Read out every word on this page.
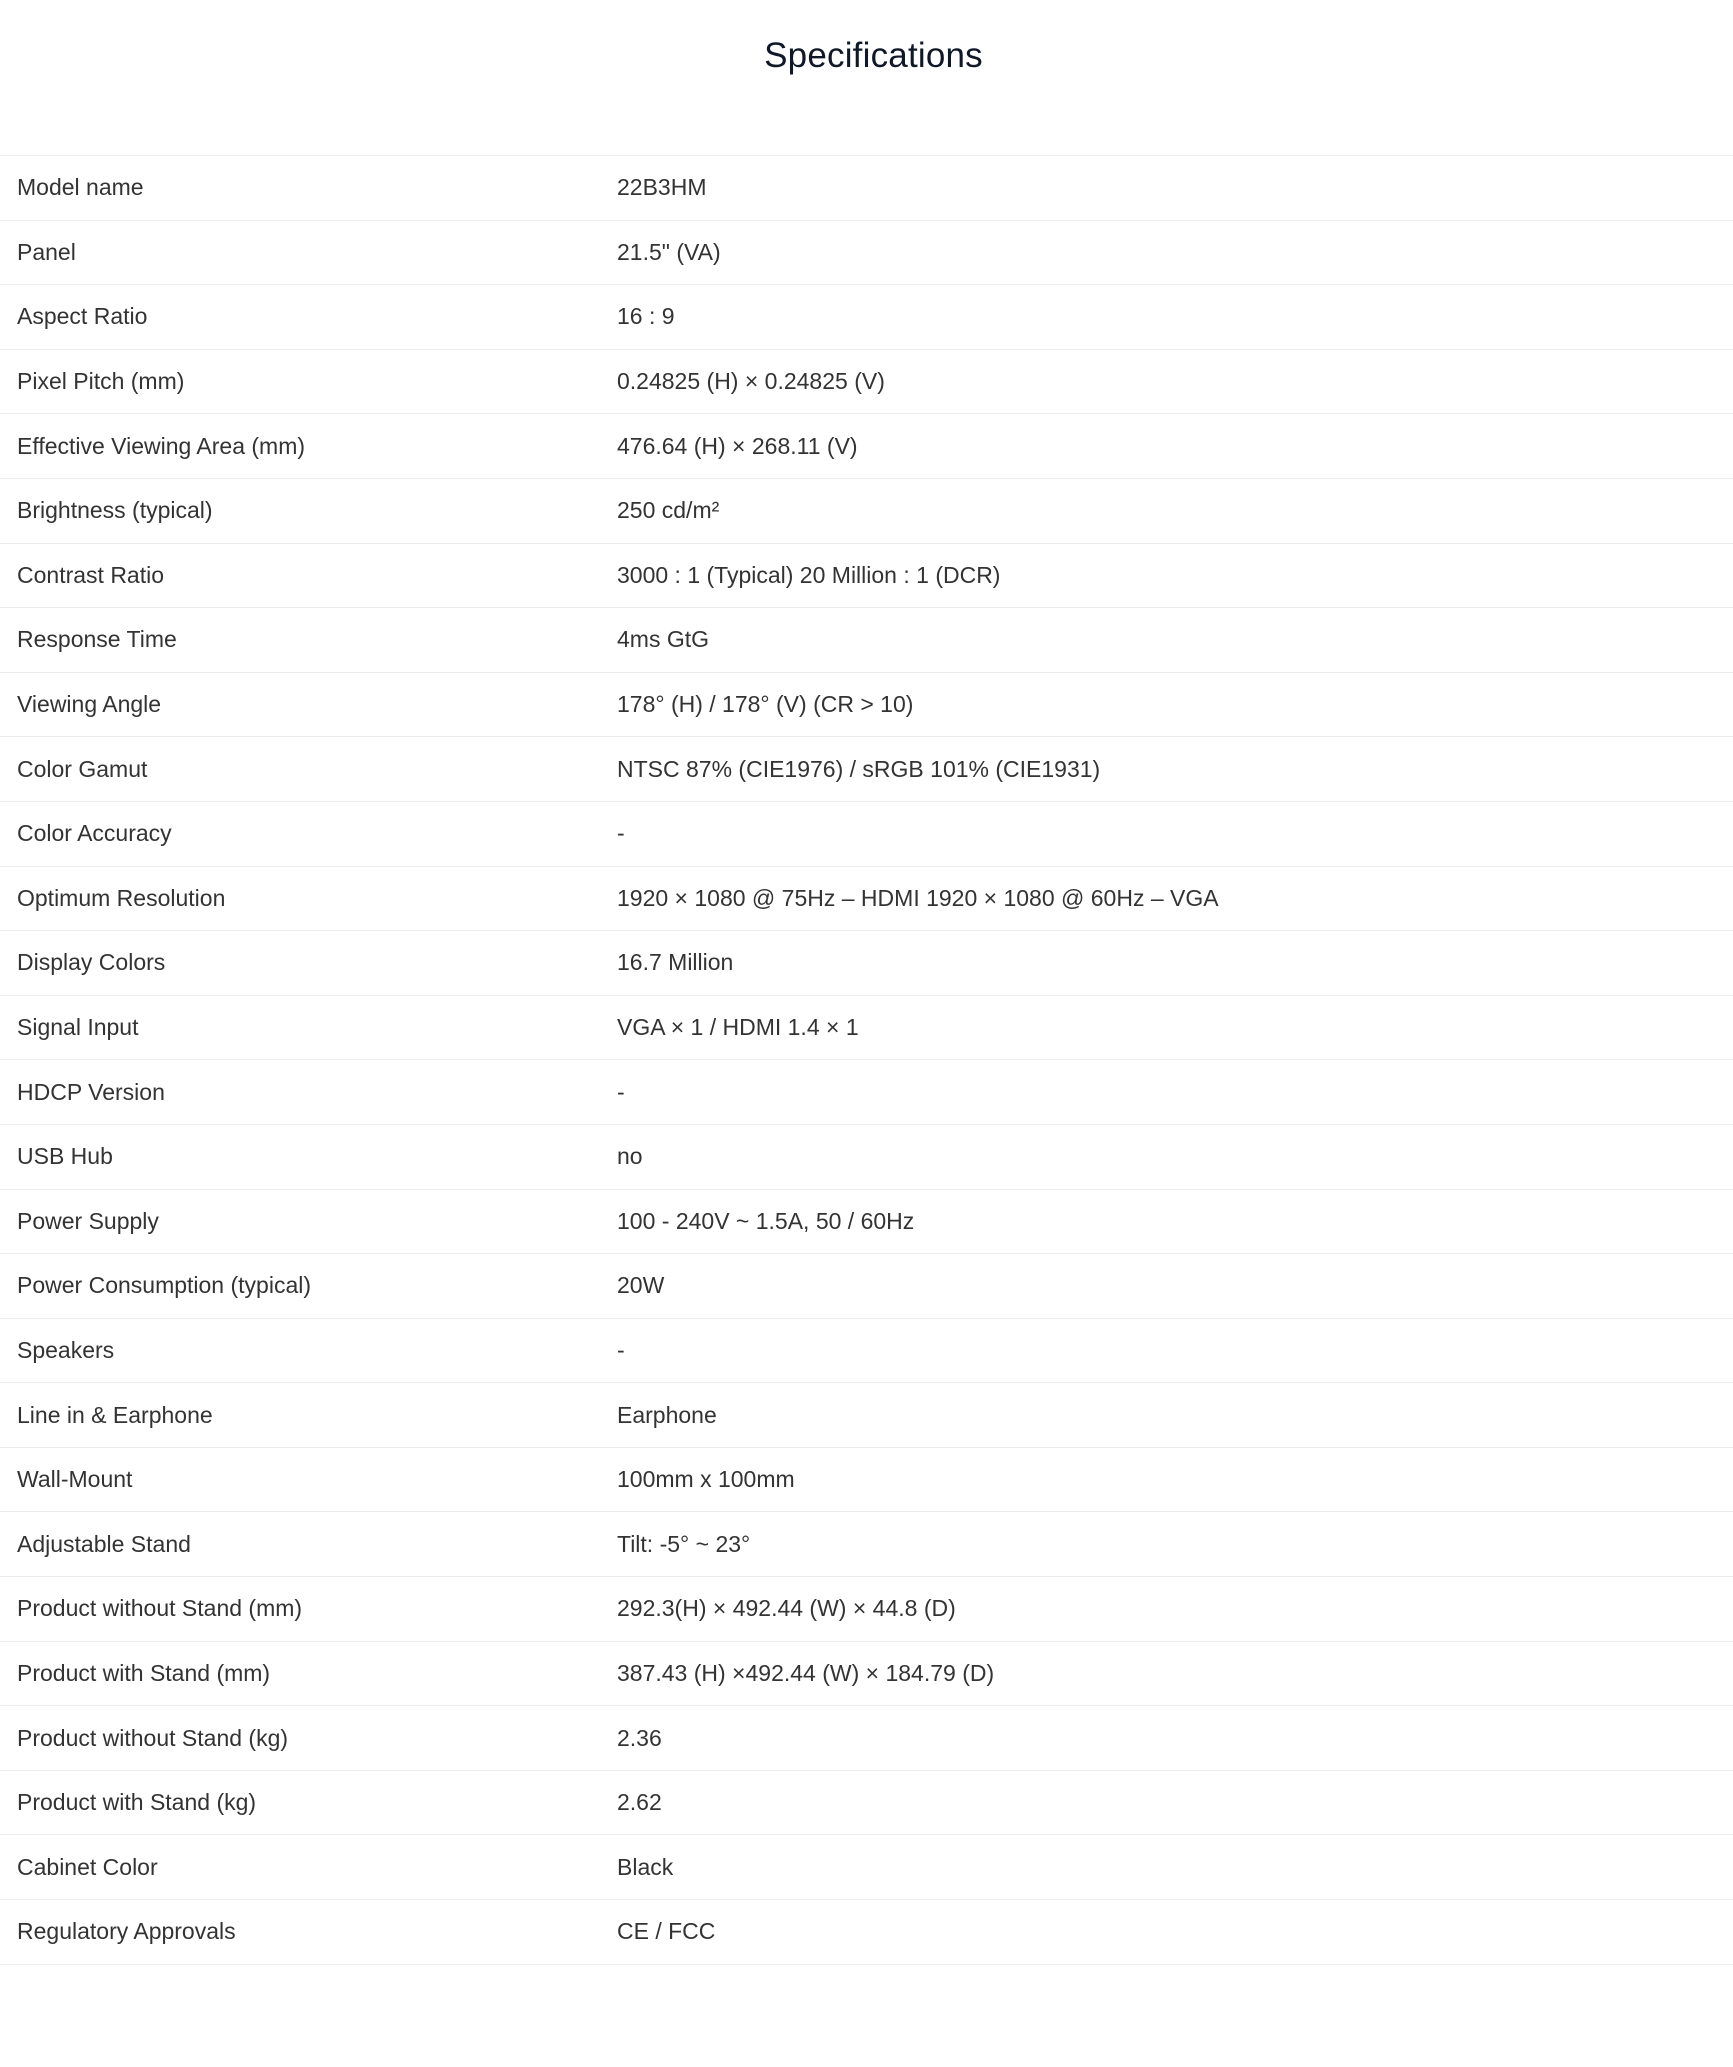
Specifications
Model name	22B3HM
Panel	21.5" (VA)
Aspect Ratio	16 : 9
Pixel Pitch (mm)	0.24825 (H) × 0.24825 (V)
Effective Viewing Area (mm)	476.64 (H) × 268.11 (V)
Brightness (typical)	250 cd/m²
Contrast Ratio	3000 : 1 (Typical) 20 Million : 1 (DCR)
Response Time	4ms GtG
Viewing Angle	178° (H) / 178° (V) (CR > 10)
Color Gamut	NTSC 87% (CIE1976) / sRGB 101% (CIE1931)
Color Accuracy	-
Optimum Resolution	1920 × 1080 @ 75Hz – HDMI 1920 × 1080 @ 60Hz – VGA
Display Colors	16.7 Million
Signal Input	VGA × 1 / HDMI 1.4 × 1
HDCP Version	-
USB Hub	no
Power Supply	100 - 240V ~ 1.5A, 50 / 60Hz
Power Consumption (typical)	20W
Speakers	-
Line in & Earphone	Earphone
Wall-Mount	100mm x 100mm
Adjustable Stand	Tilt: -5° ~ 23°
Product without Stand (mm)	292.3(H) × 492.44 (W) × 44.8 (D)
Product with Stand (mm)	387.43 (H) ×492.44 (W) × 184.79 (D)
Product without Stand (kg)	2.36
Product with Stand (kg)	2.62
Cabinet Color	Black
Regulatory Approvals	CE / FCC
